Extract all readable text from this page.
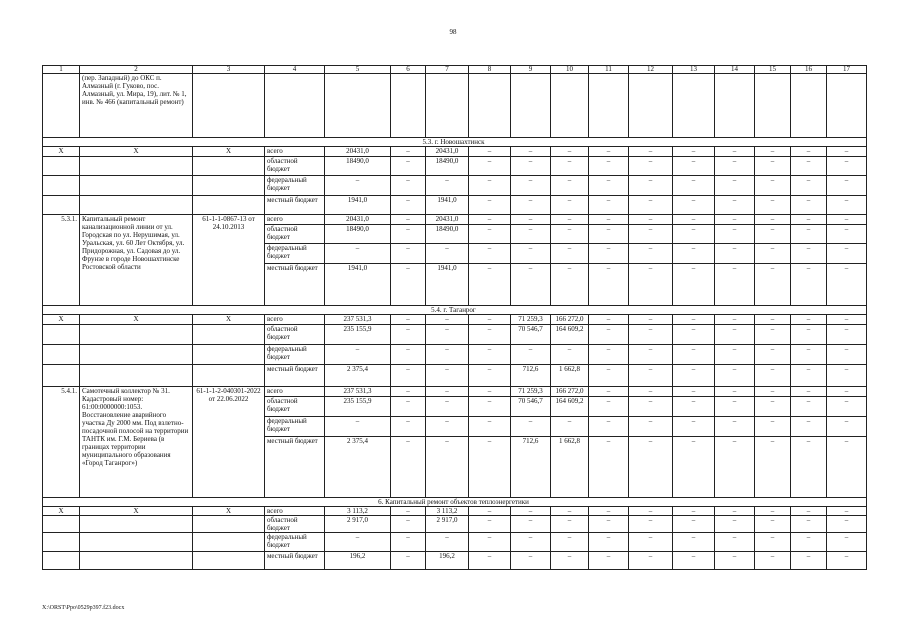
98
1	2	3	4	5	6	7	8	9	10	11	12	13	14	15	16	17
	(пер. Западный) до ОКС п. Алмазный (г. Гуково, пос. Алмазный, ул. Мира, 19), лит. № 1, инв. № 466 (капитальный ремонт)															
5.3. г. Новошахтинск																
Х	Х	Х	всего	20431,0	–	20431,0	–	–	–	–	–	–	–	–	–	–
			областной бюджет	18490,0	–	18490,0	–	–	–	–	–	–	–	–	–	–
			федеральный бюджет	–	–	–	–	–	–	–	–	–	–	–	–	–
			местный бюджет	1941,0	–	1941,0	–	–	–	–	–	–	–	–	–	–
5.3.1.	Капитальный ремонт канализационной линии от ул. Городская по ул. Нерушимая, ул. Уральская, ул. 60 Лет Октября, ул. Придорожная, ул. Садовая до ул. Фрунзе в городе Новошахтинске Ростовской области	61-1-1-0867-13 от 24.10.2013	всего	20431,0	–	20431,0	–	–	–	–	–	–	–	–	–	–
			областной бюджет	18490,0	–	18490,0	–	–	–	–	–	–	–	–	–	–
			федеральный бюджет	–	–	–	–	–	–	–	–	–	–	–	–	–
			местный бюджет	1941,0	–	1941,0	–	–	–	–	–	–	–	–	–	–
5.4. г. Таганрог																
Х	Х	Х	всего	237 531,3	–	–	–	71 259,3	166 272,0	–	–	–	–	–	–	–
			областной бюджет	235 155,9	–	–	–	70 546,7	164 609,2	–	–	–	–	–	–	–
			федеральный бюджет	–	–	–	–	–	–	–	–	–	–	–	–	–
			местный бюджет	2 375,4	–	–	–	712,6	1 662,8	–	–	–	–	–	–	–
5.4.1.	Самотечный коллектор № 31. Кадастровый номер: 61:00:0000000:1053. Восстановление аварийного участка Ду 2000 мм. Под взлетно-посадочной полосой на территории ТАНТК им. Г.М. Бериева (в границах территории муниципального образования «Город Таганрог»)	61-1-1-2-040301-2022 от 22.06.2022	всего	237 531,3	–	–	–	71 259,3	166 272,0	–	–	–	–	–	–	–
			областной бюджет	235 155,9	–	–	–	70 546,7	164 609,2	–	–	–	–	–	–	–
			федеральный бюджет	–	–	–	–	–	–	–	–	–	–	–	–	–
			местный бюджет	2 375,4	–	–	–	712,6	1 662,8	–	–	–	–	–	–	–
6. Капитальный ремонт объектов теплоэнергетики																
Х	Х	Х	всего	3 113,2	–	3 113,2	–	–	–	–	–	–	–	–	–	–
			областной бюджет	2 917,0	–	2 917,0	–	–	–	–	–	–	–	–	–	–
			федеральный бюджет	–	–	–	–	–	–	–	–	–	–	–	–	–
			местный бюджет	196,2	–	196,2	–	–	–	–	–	–	–	–	–	–
X:\ORST\Ppo\0529p397.f23.docx
